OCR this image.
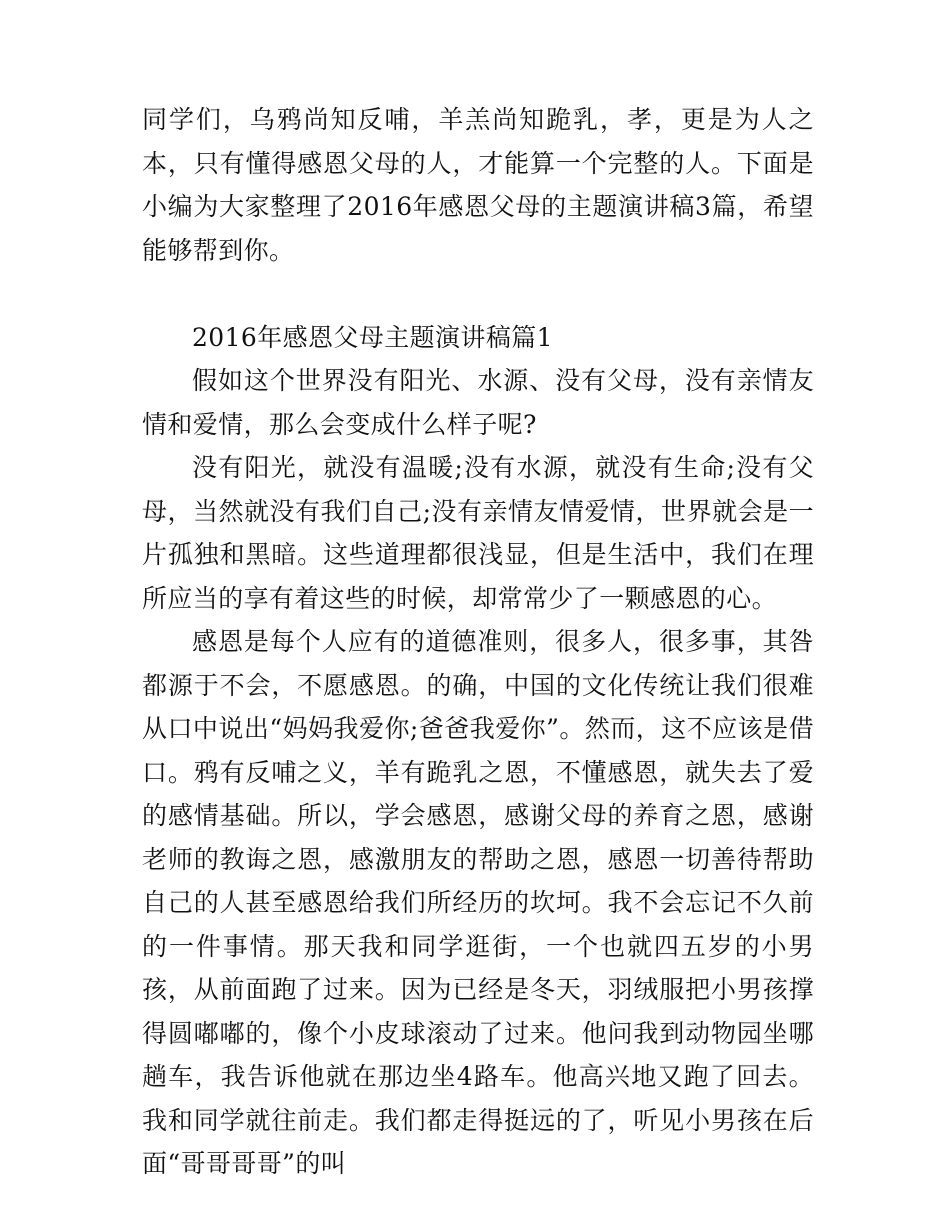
同学们，乌鸦尚知反哺，羊羔尚知跪乳，孝，更是为人之本，只有懂得感恩父母的人，才能算一个完整的人。下面是小编为大家整理了2016年感恩父母的主题演讲稿3篇，希望能够帮到你。

2016年感恩父母主题演讲稿篇1

假如这个世界没有阳光、水源、没有父母，没有亲情友情和爱情，那么会变成什么样子呢?

没有阳光，就没有温暖;没有水源，就没有生命;没有父母，当然就没有我们自己;没有亲情友情爱情，世界就会是一片孤独和黑暗。这些道理都很浅显，但是生活中，我们在理所应当的享有着这些的时候，却常常少了一颗感恩的心。

感恩是每个人应有的道德准则，很多人，很多事，其咎都源于不会，不愿感恩。的确，中国的文化传统让我们很难从口中说出“妈妈我爱你;爸爸我爱你”。然而，这不应该是借口。鸦有反哺之义，羊有跪乳之恩，不懂感恩，就失去了爱的感情基础。所以，学会感恩，感谢父母的养育之恩，感谢老师的教诲之恩，感激朋友的帮助之恩，感恩一切善待帮助自己的人甚至感恩给我们所经历的坎坷。我不会忘记不久前的一件事情。那天我和同学逛街，一个也就四五岁的小男孩，从前面跑了过来。因为已经是冬天，羽绒服把小男孩撑得圆嘟嘟的，像个小皮球滚动了过来。他问我到动物园坐哪趟车，我告诉他就在那边坐4路车。他高兴地又跑了回去。我和同学就往前走。我们都走得挺远的了，听见小男孩在后面“哥哥哥哥”的叫
